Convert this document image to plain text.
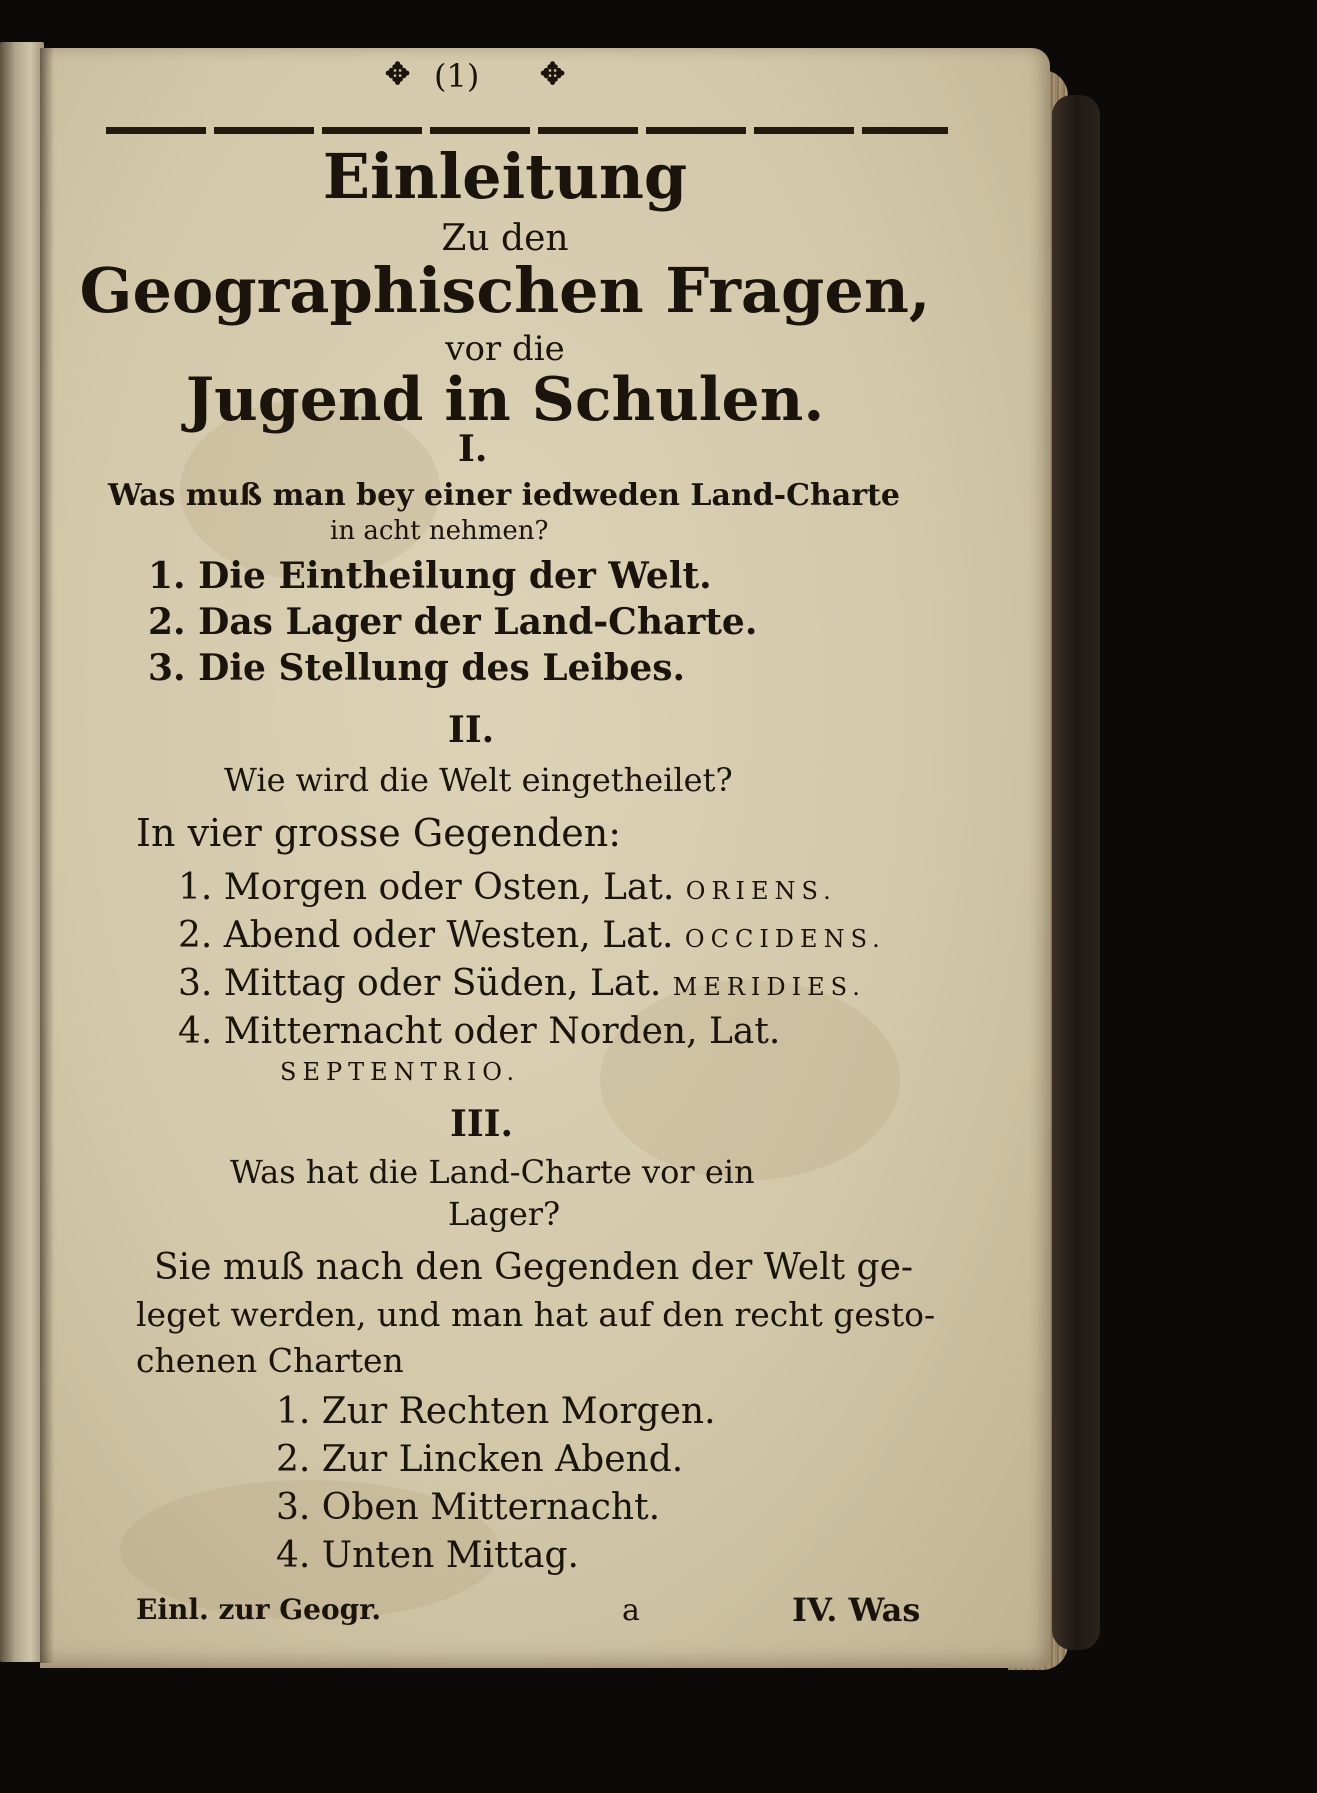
✥ (1) ✥
Einleitung
Zu den
Geographischen Fragen,
vor die
Jugend in Schulen.
I.
Was muß man bey einer iedweden Land-Charte
in acht nehmen?
1. Die Eintheilung der Welt.
2. Das Lager der Land-Charte.
3. Die Stellung des Leibes.
II.
Wie wird die Welt eingetheilet?
In vier grosse Gegenden:
1. Morgen oder Osten, Lat. ORIENS.
2. Abend oder Westen, Lat. OCCIDENS.
3. Mittag oder Süden, Lat. MERIDIES.
4. Mitternacht oder Norden, Lat.
SEPTENTRIO.
III.
Was hat die Land-Charte vor ein
Lager?
Sie muß nach den Gegenden der Welt ge-
leget werden, und man hat auf den recht gesto-
chenen Charten
1. Zur Rechten Morgen.
2. Zur Lincken Abend.
3. Oben Mitternacht.
4. Unten Mittag.
Einl. zur Geogr.	a	IV. Was
